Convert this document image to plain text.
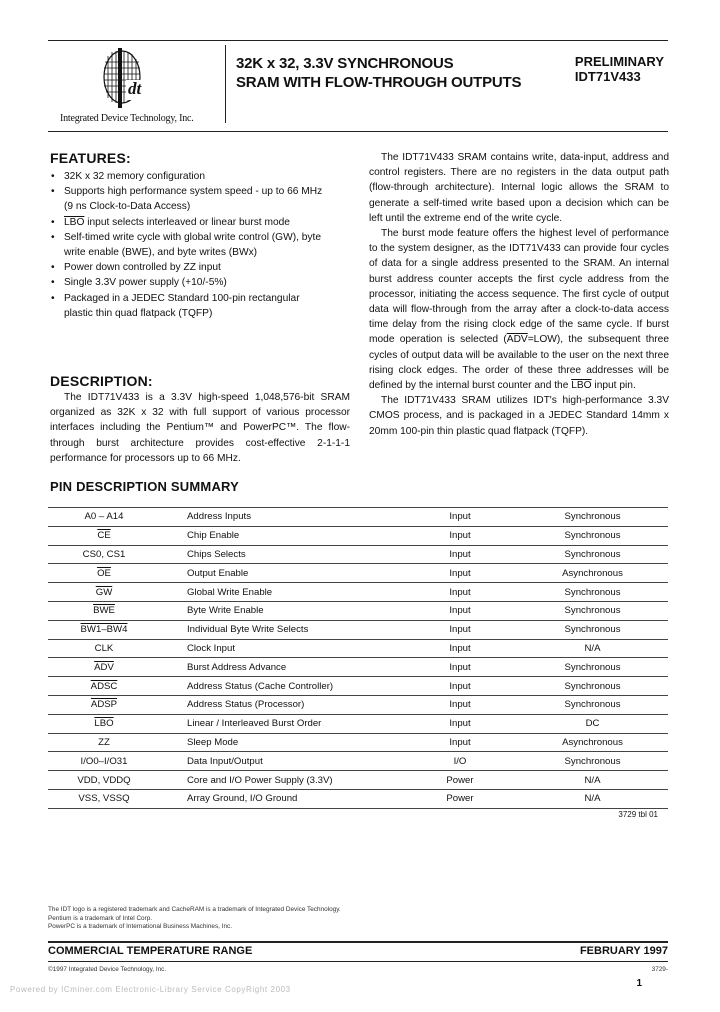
dt
Integrated Device Technology, Inc.
32K x 32, 3.3V SYNCHRONOUS
SRAM WITH FLOW-THROUGH OUTPUTS
PRELIMINARY
IDT71V433
FEATURES:
• 32K x 32 memory configuration
• Supports high performance system speed - up to 66 MHz
(9 ns Clock-to-Data Access)
• $\overline{LBO}$ input selects interleaved or linear burst mode
• Self-timed write cycle with global write control (GW), byte
write enable (BWE), and byte writes (BWx)
• Power down controlled by ZZ input
• Single 3.3V power supply (+10/-5%)
• Packaged in a JEDEC Standard 100-pin rectangular
plastic thin quad flatpack (TQFP)
DESCRIPTION:
The IDT71V433 is a 3.3V high-speed 1,048,576-bit SRAM organized as 32K x 32 with full support of various processor interfaces including the Pentium™ and PowerPC™. The flow-through burst architecture provides cost-effective 2-1-1-1 performance for processors up to 66 MHz.
The IDT71V433 SRAM contains write, data-input, address and control registers. There are no registers in the data output path (flow-through architecture). Internal logic allows the SRAM to generate a self-timed write based upon a decision which can be left until the extreme end of the write cycle.
The burst mode feature offers the highest level of performance to the system designer, as the IDT71V433 can provide four cycles of data for a single address presented to the SRAM. An internal burst address counter accepts the first cycle address from the processor, initiating the access sequence. The first cycle of output data will flow-through from the array after a clock-to-data access time delay from the rising clock edge of the same cycle. If burst mode operation is selected $(\overline{ADV}=LOW)$, the subsequent three cycles of output data will be available to the user on the next three rising clock edges. The order of these three addresses will be defined by the internal burst counter and the $\overline{LBO}$ input pin.
The IDT71V433 SRAM utilizes IDT's high-performance 3.3V CMOS process, and is packaged in a JEDEC Standard 14mm x 20mm 100-pin thin plastic quad flatpack (TQFP).
PIN DESCRIPTION SUMMARY
A0 – A14	Address Inputs	Input	Synchronous
$\overline{CE}$	Chip Enable	Input	Synchronous
CS0, CS1	Chips Selects	Input	Synchronous
$\overline{OE}$	Output Enable	Input	Asynchronous
$\overline{GW}$	Global Write Enable	Input	Synchronous
$\overline{BWE}$	Byte Write Enable	Input	Synchronous
BW1–BW4	Individual Byte Write Selects	Input	Synchronous
CLK	Clock Input	Input	N/A
$\overline{ADV}$	Burst Address Advance	Input	Synchronous
ADSC	Address Status (Cache Controller)	Input	Synchronous
ADSP	Address Status (Processor)	Input	Synchronous
$\overline{LBO}$	Linear / Interleaved Burst Order	Input	DC
ZZ	Sleep Mode	Input	Asynchronous
I/O0–I/O31	Data Input/Output	I/O	Synchronous
VDD, VDDQ	Core and I/O Power Supply (3.3V)	Power	N/A
VSS, VSSQ	Array Ground, I/O Ground	Power	N/A
3729 tbl 01
The IDT logo is a registered trademark and CacheRAM is a trademark of Integrated Device Technology.
Pentium is a trademark of Intel Corp.
PowerPC is a trademark of International Business Machines, Inc.
COMMERCIAL TEMPERATURE RANGE	FEBRUARY 1997
©1997 Integrated Device Technology, Inc.	3729-
1
Powered by ICminer.com Electronic-Library Service CopyRight 2003
